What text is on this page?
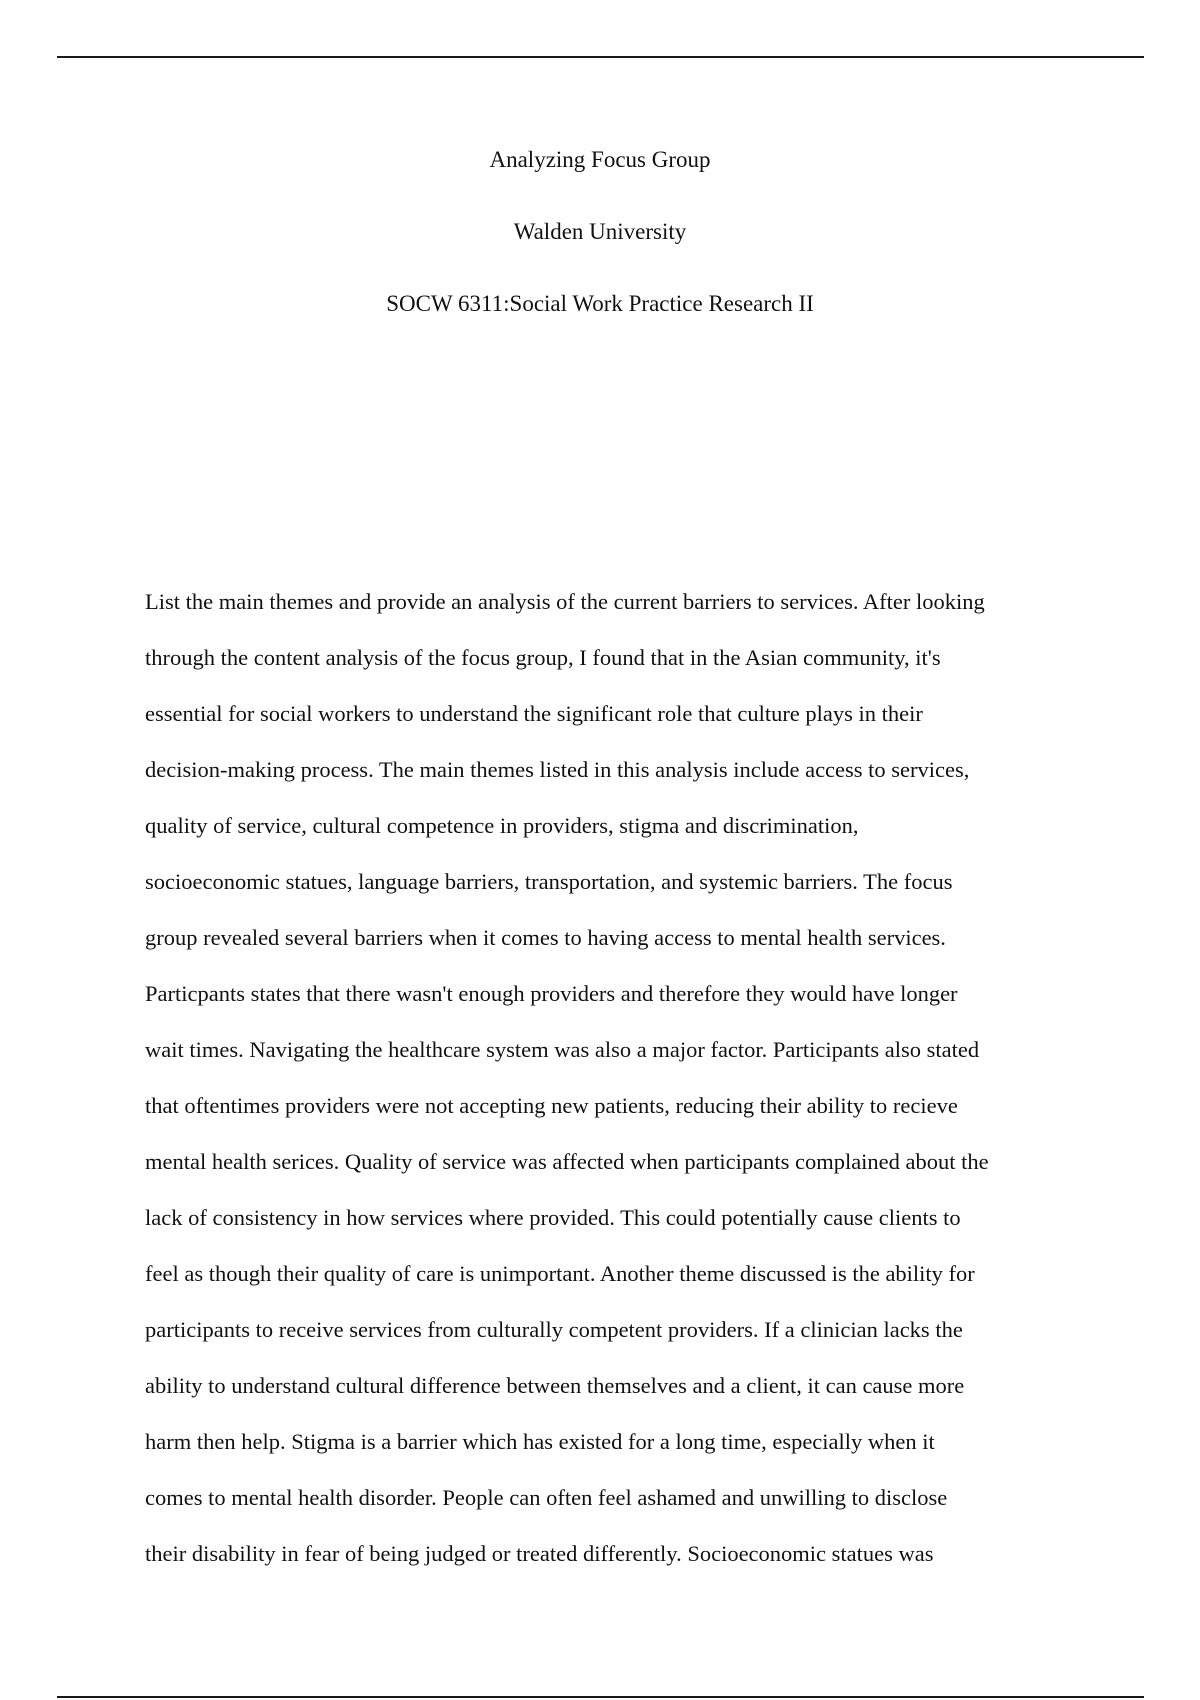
Analyzing Focus Group
Walden University
SOCW 6311:Social Work Practice Research II
List the main themes and provide an analysis of the current barriers to services. After looking
through the content analysis of the focus group, I found that in the Asian community, it's
essential for social workers to understand the significant role that culture plays in their
decision-making process. The main themes listed in this analysis include access to services,
quality of service, cultural competence in providers, stigma and discrimination,
socioeconomic statues, language barriers, transportation, and systemic barriers. The focus
group revealed several barriers when it comes to having access to mental health services.
Particpants states that there wasn't enough providers and therefore they would have longer
wait times. Navigating the healthcare system was also a major factor. Participants also stated
that oftentimes providers were not accepting new patients, reducing their ability to recieve
mental health serices. Quality of service was affected when participants complained about the
lack of consistency in how services where provided. This could potentially cause clients to
feel as though their quality of care is unimportant. Another theme discussed is the ability for
participants to receive services from culturally competent providers. If a clinician lacks the
ability to understand cultural difference between themselves and a client, it can cause more
harm then help. Stigma is a barrier which has existed for a long time, especially when it
comes to mental health disorder. People can often feel ashamed and unwilling to disclose
their disability in fear of being judged or treated differently. Socioeconomic statues was
